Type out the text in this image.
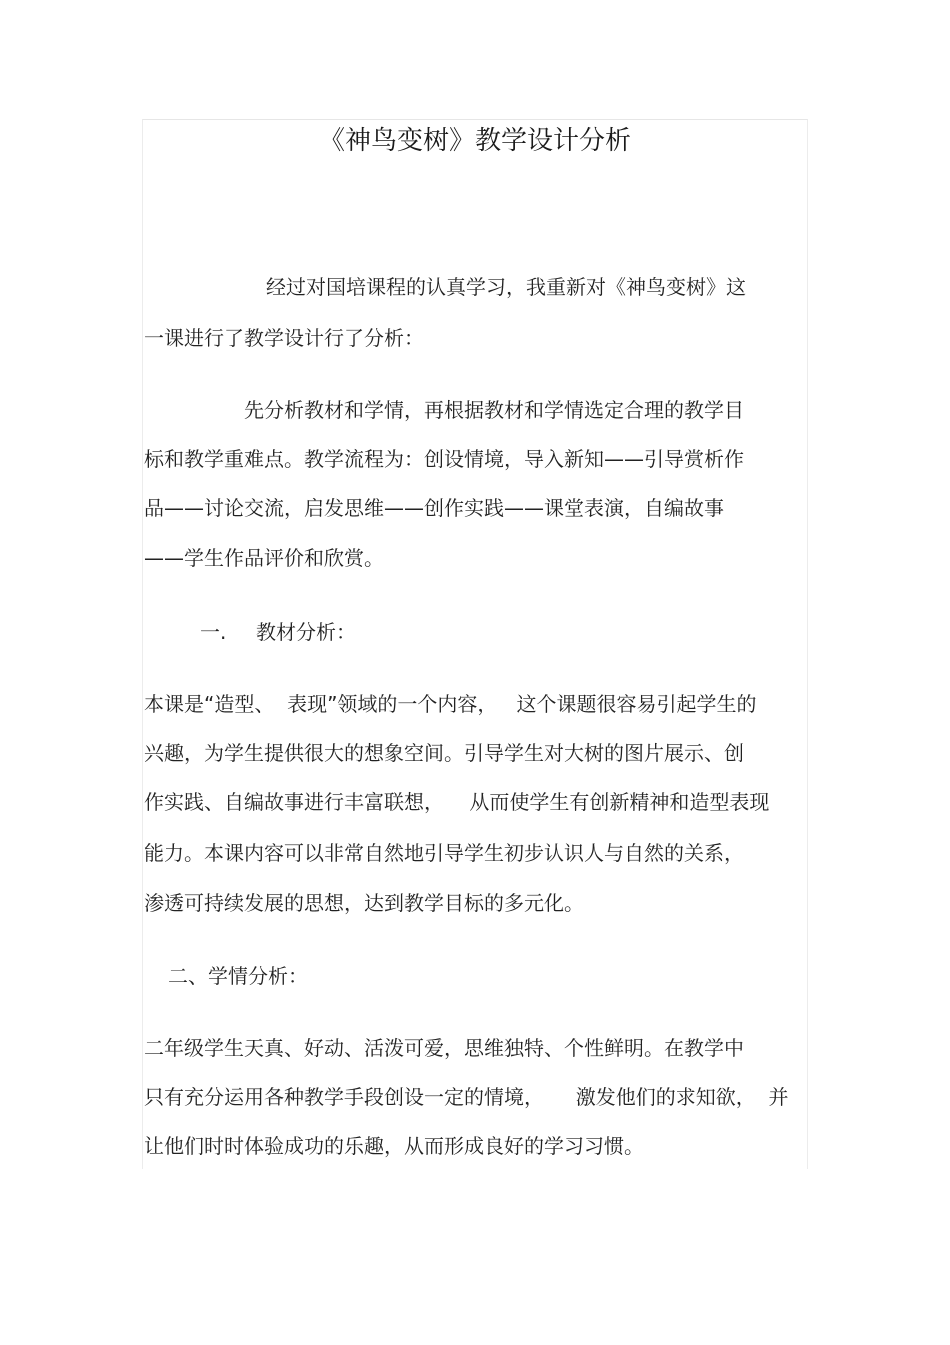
《神鸟变树》教学设计分析
经过对国培课程的认真学习，我重新对《神鸟变树》这
一课进行了教学设计行了分析：
先分析教材和学情，再根据教材和学情选定合理的教学目
标和教学重难点。教学流程为：创设情境，导入新知——引导赏析作
品——讨论交流，启发思维——创作实践——课堂表演，自编故事
——学生作品评价和欣赏。
一. 教材分析：
本课是“造型、  表现”领域的一个内容，   这个课题很容易引起学生的
兴趣，为学生提供很大的想象空间。引导学生对大树的图片展示、创
作实践、自编故事进行丰富联想，    从而使学生有创新精神和造型表现
能力。本课内容可以非常自然地引导学生初步认识人与自然的关系，
渗透可持续发展的思想，达到教学目标的多元化。
二、学情分析：
二年级学生天真、好动、活泼可爱，思维独特、个性鲜明。在教学中
只有充分运用各种教学手段创设一定的情境，     激发他们的求知欲，  并
让他们时时体验成功的乐趣，从而形成良好的学习习惯。
